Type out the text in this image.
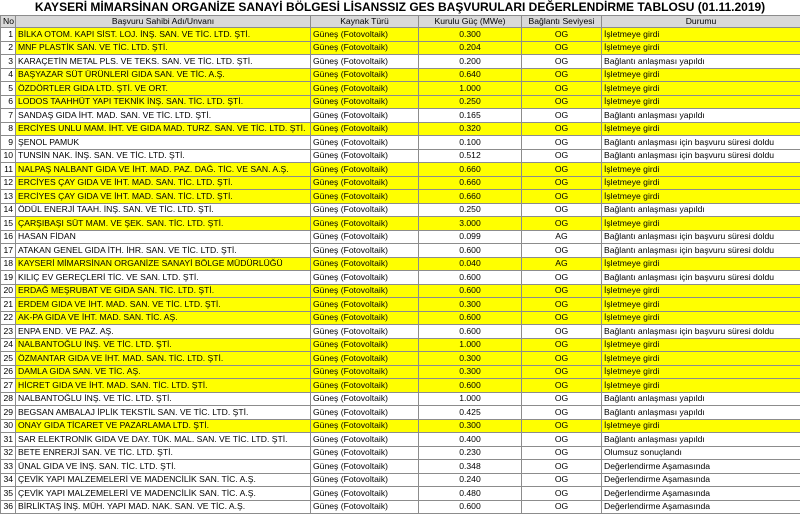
KAYSERİ MİMARSİNAN ORGANİZE SANAYİ BÖLGESİ LİSANSSIZ GES BAŞVURULARI DEĞERLENDİRME TABLOSU (01.11.2019)
No	Başvuru Sahibi Adı/Unvanı	Kaynak Türü	Kurulu Güç (MWe)	Bağlantı Seviyesi	Durumu
1	BİLKA OTOM. KAPI SİST. LOJ. İNŞ. SAN. VE TİC. LTD. ŞTİ.	Güneş (Fotovoltaik)	0.300	OG	İşletmeye girdi
2	MNF PLASTİK SAN. VE TİC. LTD. ŞTİ.	Güneş (Fotovoltaik)	0.204	OG	İşletmeye girdi
3	KARAÇETİN METAL PLS. VE TEKS. SAN. VE TİC. LTD. ŞTİ.	Güneş (Fotovoltaik)	0.200	OG	Bağlantı anlaşması yapıldı
4	BAŞYAZAR SÜT ÜRÜNLERİ GIDA SAN. VE TİC. A.Ş.	Güneş (Fotovoltaik)	0.640	OG	İşletmeye girdi
5	ÖZDÖRTLER GIDA LTD. ŞTİ. VE ORT.	Güneş (Fotovoltaik)	1.000	OG	İşletmeye girdi
6	LODOS TAAHHÜT YAPI TEKNİK İNŞ. SAN. TİC. LTD. ŞTİ.	Güneş (Fotovoltaik)	0.250	OG	İşletmeye girdi
7	SANDAŞ GIDA İHT. MAD. SAN. VE TİC. LTD. ŞTİ.	Güneş (Fotovoltaik)	0.165	OG	Bağlantı anlaşması yapıldı
8	ERCİYES UNLU MAM. İHT. VE GIDA MAD. TURZ. SAN. VE TİC. LTD. ŞTİ.	Güneş (Fotovoltaik)	0.320	OG	İşletmeye girdi
9	ŞENOL PAMUK	Güneş (Fotovoltaik)	0.100	OG	Bağlantı anlaşması için başvuru süresi doldu
10	TUNSİN NAK. İNŞ. SAN. VE TİC. LTD. ŞTİ.	Güneş (Fotovoltaik)	0.512	OG	Bağlantı anlaşması için başvuru süresi doldu
11	NALPAŞ NALBANT GIDA VE İHT. MAD. PAZ. DAĞ. TİC. VE SAN. A.Ş.	Güneş (Fotovoltaik)	0.660	OG	İşletmeye girdi
12	ERCİYES ÇAY GIDA VE İHT. MAD. SAN. TİC. LTD. ŞTİ.	Güneş (Fotovoltaik)	0.660	OG	İşletmeye girdi
13	ERCİYES ÇAY GIDA VE İHT. MAD. SAN. TİC. LTD. ŞTİ.	Güneş (Fotovoltaik)	0.660	OG	İşletmeye girdi
14	ÖDÜL ENERJİ TAAH. İNŞ. SAN. VE TİC. LTD. ŞTİ.	Güneş (Fotovoltaik)	0.250	OG	Bağlantı anlaşması yapıldı
15	ÇARŞIBAŞI SÜT MAM. VE ŞEK. SAN. TİC. LTD. ŞTİ.	Güneş (Fotovoltaik)	3.000	OG	İşletmeye girdi
16	HASAN FİDAN	Güneş (Fotovoltaik)	0.099	AG	Bağlantı anlaşması için başvuru süresi doldu
17	ATAKAN GENEL GIDA İTH. İHR. SAN. VE TİC. LTD. ŞTİ.	Güneş (Fotovoltaik)	0.600	OG	Bağlantı anlaşması için başvuru süresi doldu
18	KAYSERİ MİMARSİNAN ORGANİZE SANAYİ BÖLGE MÜDÜRLÜĞÜ	Güneş (Fotovoltaik)	0.040	AG	İşletmeye girdi
19	KILIÇ EV GEREÇLERİ TİC. VE SAN. LTD. ŞTİ.	Güneş (Fotovoltaik)	0.600	OG	Bağlantı anlaşması için başvuru süresi doldu
20	ERDAĞ MEŞRUBAT VE GIDA SAN. TİC. LTD. ŞTİ.	Güneş (Fotovoltaik)	0.600	OG	İşletmeye girdi
21	ERDEM GIDA VE İHT. MAD. SAN. VE TİC. LTD. ŞTİ.	Güneş (Fotovoltaik)	0.300	OG	İşletmeye girdi
22	AK-PA GIDA VE İHT. MAD. SAN. TİC. AŞ.	Güneş (Fotovoltaik)	0.600	OG	İşletmeye girdi
23	ENPA END. VE PAZ. AŞ.	Güneş (Fotovoltaik)	0.600	OG	Bağlantı anlaşması için başvuru süresi doldu
24	NALBANTOĞLU İNŞ. VE TİC. LTD. ŞTİ.	Güneş (Fotovoltaik)	1.000	OG	İşletmeye girdi
25	ÖZMANTAR GIDA VE İHT. MAD. SAN. TİC. LTD. ŞTİ.	Güneş (Fotovoltaik)	0.300	OG	İşletmeye girdi
26	DAMLA GIDA SAN. VE TİC. AŞ.	Güneş (Fotovoltaik)	0.300	OG	İşletmeye girdi
27	HİCRET GIDA VE İHT. MAD. SAN. TİC. LTD. ŞTİ.	Güneş (Fotovoltaik)	0.600	OG	İşletmeye girdi
28	NALBANTOĞLU İNŞ. VE TİC. LTD. ŞTİ.	Güneş (Fotovoltaik)	1.000	OG	Bağlantı anlaşması yapıldı
29	BEGSAN AMBALAJ İPLİK TEKSTİL SAN. VE TİC. LTD. ŞTİ.	Güneş (Fotovoltaik)	0.425	OG	Bağlantı anlaşması yapıldı
30	ONAY GIDA TİCARET VE PAZARLAMA LTD. ŞTİ.	Güneş (Fotovoltaik)	0.300	OG	İşletmeye girdi
31	SAR ELEKTRONİK GIDA VE DAY. TÜK. MAL. SAN. VE TİC. LTD. ŞTİ.	Güneş (Fotovoltaik)	0.400	OG	Bağlantı anlaşması yapıldı
32	BETE ENRERJİ SAN. VE TİC. LTD. ŞTİ.	Güneş (Fotovoltaik)	0.230	OG	Olumsuz sonuçlandı
33	ÜNAL GIDA VE İNŞ. SAN. TİC. LTD. ŞTİ.	Güneş (Fotovoltaik)	0.348	OG	Değerlendirme Aşamasında
34	ÇEVİK YAPI MALZEMELERİ VE MADENCİLİK SAN. TİC. A.Ş.	Güneş (Fotovoltaik)	0.240	OG	Değerlendirme Aşamasında
35	ÇEVİK YAPI MALZEMELERİ VE MADENCİLİK SAN. TİC. A.Ş.	Güneş (Fotovoltaik)	0.480	OG	Değerlendirme Aşamasında
36	BİRLİKTAŞ İNŞ. MÜH. YAPI MAD. NAK. SAN. VE TİC. A.Ş.	Güneş (Fotovoltaik)	0.600	OG	Değerlendirme Aşamasında
